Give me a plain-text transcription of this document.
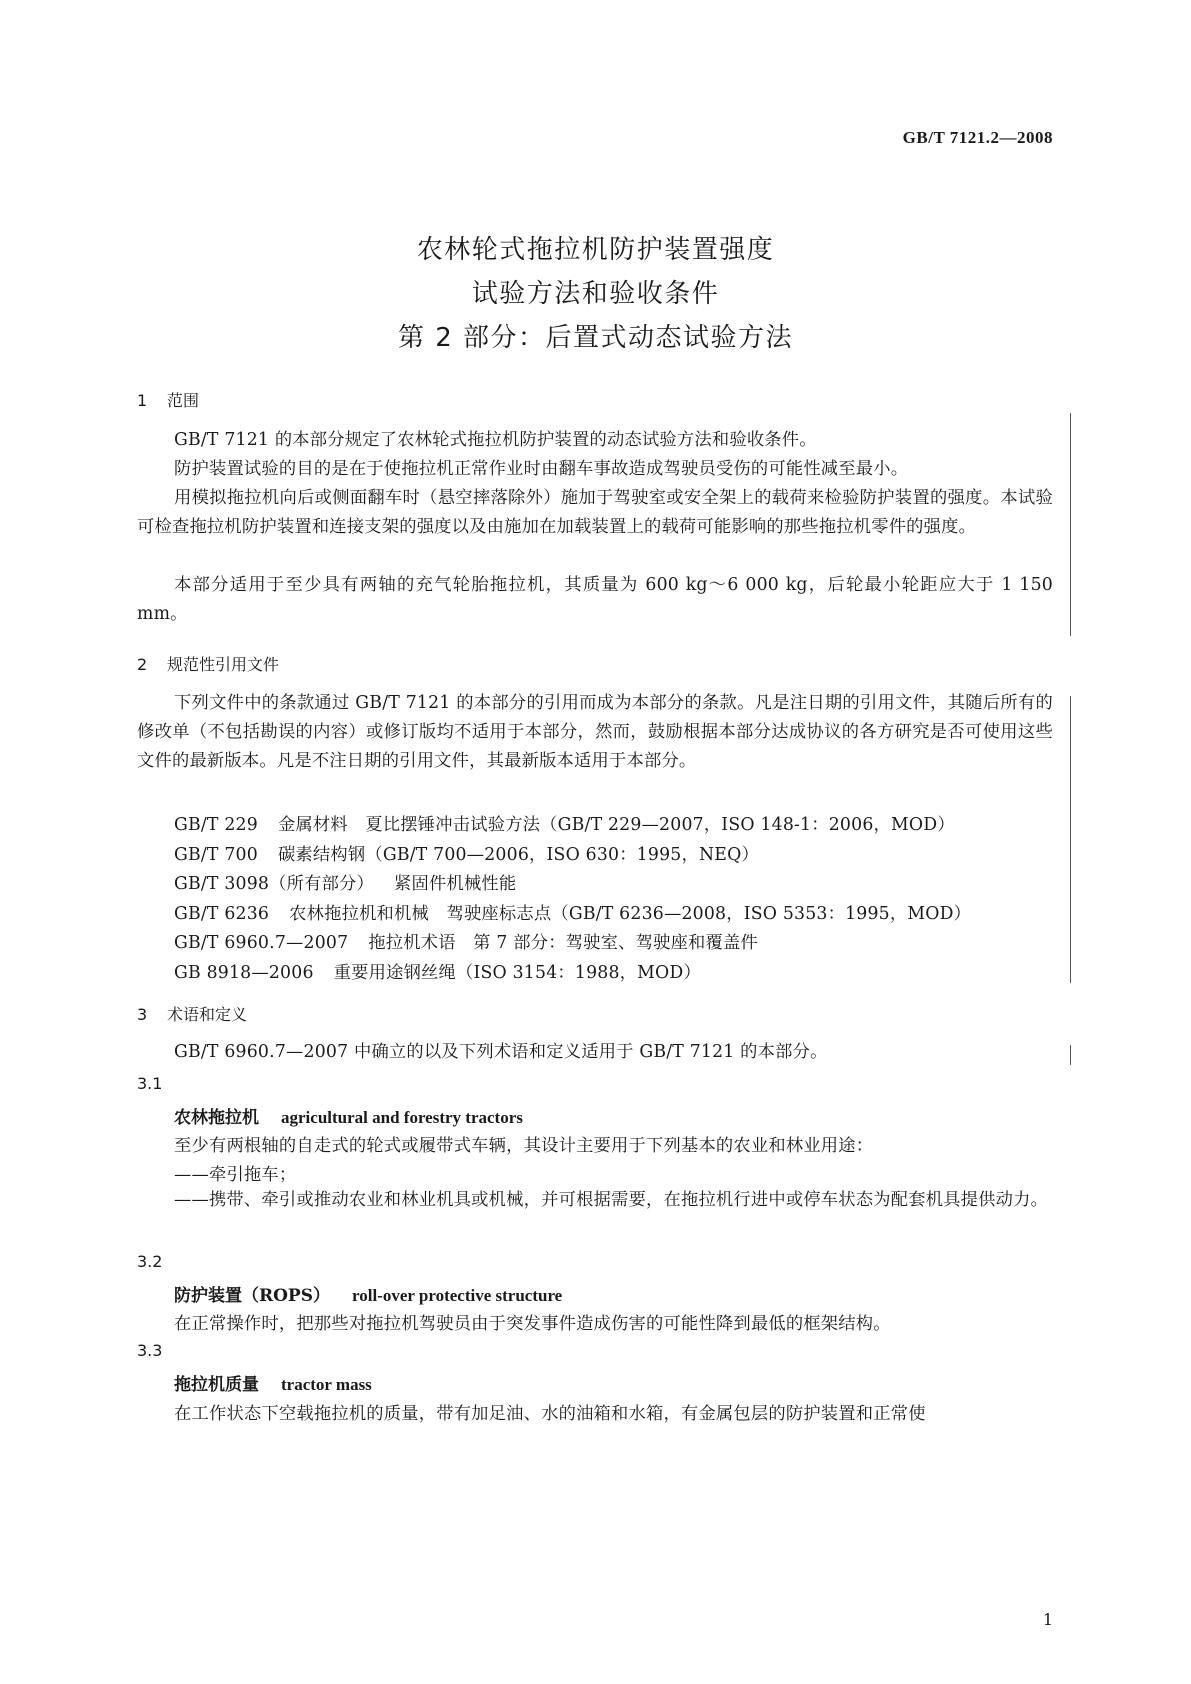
GB/T 7121.2—2008
农林轮式拖拉机防护装置强度
试验方法和验收条件
第 2 部分：后置式动态试验方法
1 范围
GB/T 7121 的本部分规定了农林轮式拖拉机防护装置的动态试验方法和验收条件。
防护装置试验的目的是在于使拖拉机正常作业时由翻车事故造成驾驶员受伤的可能性减至最小。
用模拟拖拉机向后或侧面翻车时（悬空摔落除外）施加于驾驶室或安全架上的载荷来检验防护装置的强度。本试验可检查拖拉机防护装置和连接支架的强度以及由施加在加载装置上的载荷可能影响的那些拖拉机零件的强度。
本部分适用于至少具有两轴的充气轮胎拖拉机，其质量为 600 kg～6 000 kg，后轮最小轮距应大于 1 150 mm。
2 规范性引用文件
下列文件中的条款通过 GB/T 7121 的本部分的引用而成为本部分的条款。凡是注日期的引用文件，其随后所有的修改单（不包括勘误的内容）或修订版均不适用于本部分，然而，鼓励根据本部分达成协议的各方研究是否可使用这些文件的最新版本。凡是不注日期的引用文件，其最新版本适用于本部分。
GB/T 229 金属材料　夏比摆锤冲击试验方法（GB/T 229—2007，ISO 148-1：2006，MOD）
GB/T 700 碳素结构钢（GB/T 700—2006，ISO 630：1995，NEQ）
GB/T 3098（所有部分） 紧固件机械性能
GB/T 6236 农林拖拉机和机械　驾驶座标志点（GB/T 6236—2008，ISO 5353：1995，MOD）
GB/T 6960.7—2007 拖拉机术语　第 7 部分：驾驶室、驾驶座和覆盖件
GB 8918—2006 重要用途钢丝绳（ISO 3154：1988，MOD）
3 术语和定义
GB/T 6960.7—2007 中确立的以及下列术语和定义适用于 GB/T 7121 的本部分。
3.1
农林拖拉机 agricultural and forestry tractors
至少有两根轴的自走式的轮式或履带式车辆，其设计主要用于下列基本的农业和林业用途：
——牵引拖车；
——携带、牵引或推动农业和林业机具或机械，并可根据需要，在拖拉机行进中或停车状态为配套机具提供动力。
3.2
防护装置（ROPS） roll-over protective structure
在正常操作时，把那些对拖拉机驾驶员由于突发事件造成伤害的可能性降到最低的框架结构。
3.3
拖拉机质量 tractor mass
在工作状态下空载拖拉机的质量，带有加足油、水的油箱和水箱，有金属包层的防护装置和正常使
1
